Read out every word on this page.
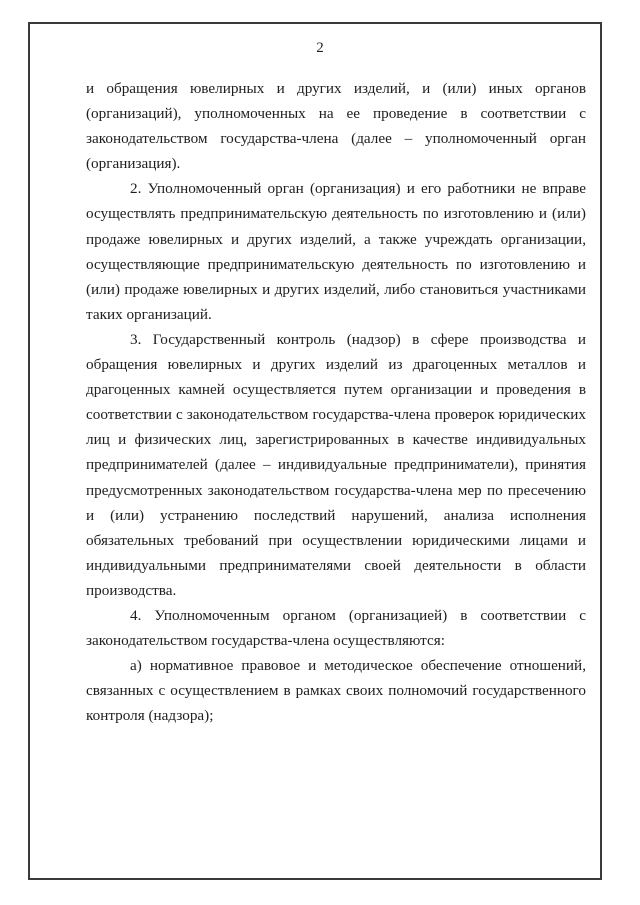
2

и обращения ювелирных и других изделий, и (или) иных органов (организаций), уполномоченных на ее проведение в соответствии с законодательством государства-члена (далее – уполномоченный орган (организация).

2. Уполномоченный орган (организация) и его работники не вправе осуществлять предпринимательскую деятельность по изготовлению и (или) продаже ювелирных и других изделий, а также учреждать организации, осуществляющие предпринимательскую деятельность по изготовлению и (или) продаже ювелирных и других изделий, либо становиться участниками таких организаций.

3. Государственный контроль (надзор) в сфере производства и обращения ювелирных и других изделий из драгоценных металлов и драгоценных камней осуществляется путем организации и проведения в соответствии с законодательством государства-члена проверок юридических лиц и физических лиц, зарегистрированных в качестве индивидуальных предпринимателей (далее – индивидуальные предприниматели), принятия предусмотренных законодательством государства-члена мер по пресечению и (или) устранению последствий нарушений, анализа исполнения обязательных требований при осуществлении юридическими лицами и индивидуальными предпринимателями своей деятельности в области производства.

4. Уполномоченным органом (организацией) в соответствии с законодательством государства-члена осуществляются:

а) нормативное правовое и методическое обеспечение отношений, связанных с осуществлением в рамках своих полномочий государственного контроля (надзора);
